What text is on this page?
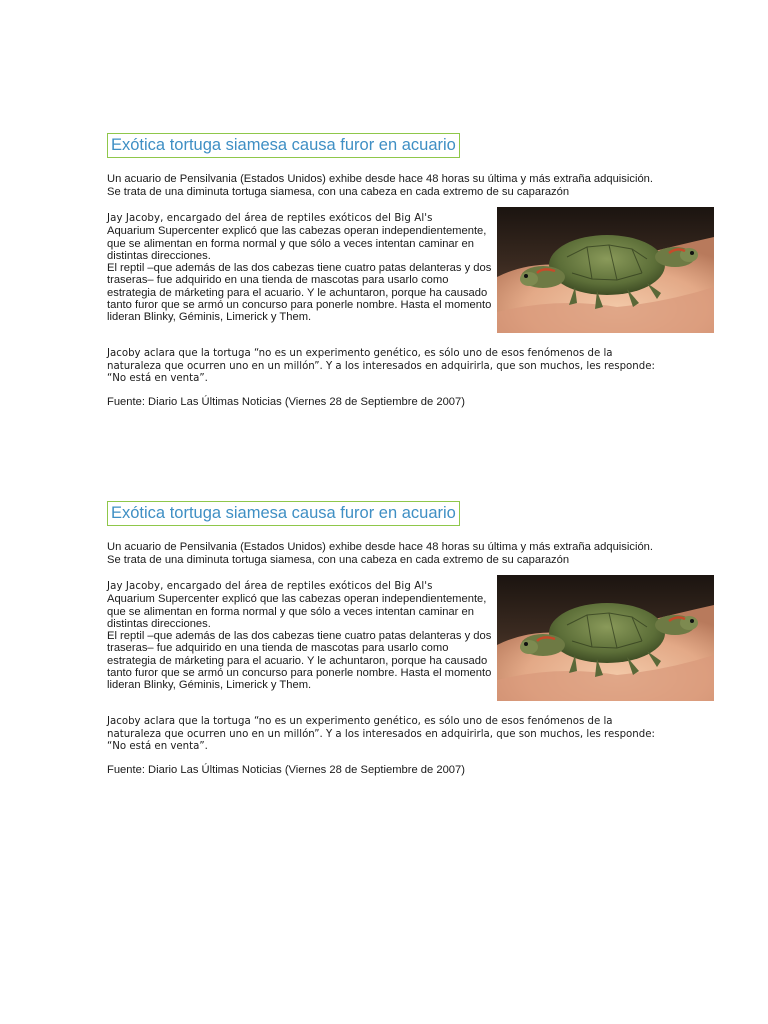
Exótica tortuga siamesa causa furor en acuario
Un acuario de Pensilvania (Estados Unidos) exhibe desde hace 48 horas su última y más extraña adquisición. Se trata de una diminuta tortuga siamesa, con una cabeza en cada extremo de su caparazón
Jay Jacoby, encargado del área de reptiles exóticos del Big Al's
Aquarium Supercenter explicó que las cabezas operan independientemente, que se alimentan en forma normal y que sólo a veces intentan caminar en distintas direcciones.
El reptil –que además de las dos cabezas tiene cuatro patas delanteras y dos traseras– fue adquirido en una tienda de mascotas para usarlo como estrategia de márketing para el acuario. Y le achuntaron, porque ha causado tanto furor que se armó un concurso para ponerle nombre. Hasta el momento lideran Blinky, Géminis, Limerick y Them.
Jacoby aclara que la tortuga “no es un experimento genético, es sólo uno de esos fenómenos de la naturaleza que ocurren uno en un millón”. Y a los interesados en adquirirla, que son muchos, les responde: “No está en venta”.
Fuente: Diario Las Últimas Noticias (Viernes 28 de Septiembre de 2007)
Exótica tortuga siamesa causa furor en acuario
Un acuario de Pensilvania (Estados Unidos) exhibe desde hace 48 horas su última y más extraña adquisición. Se trata de una diminuta tortuga siamesa, con una cabeza en cada extremo de su caparazón
Jay Jacoby, encargado del área de reptiles exóticos del Big Al's
Aquarium Supercenter explicó que las cabezas operan independientemente, que se alimentan en forma normal y que sólo a veces intentan caminar en distintas direcciones.
El reptil –que además de las dos cabezas tiene cuatro patas delanteras y dos traseras– fue adquirido en una tienda de mascotas para usarlo como estrategia de márketing para el acuario. Y le achuntaron, porque ha causado tanto furor que se armó un concurso para ponerle nombre. Hasta el momento lideran Blinky, Géminis, Limerick y Them.
Jacoby aclara que la tortuga “no es un experimento genético, es sólo uno de esos fenómenos de la naturaleza que ocurren uno en un millón”. Y a los interesados en adquirirla, que son muchos, les responde: “No está en venta”.
Fuente: Diario Las Últimas Noticias (Viernes 28 de Septiembre de 2007)
